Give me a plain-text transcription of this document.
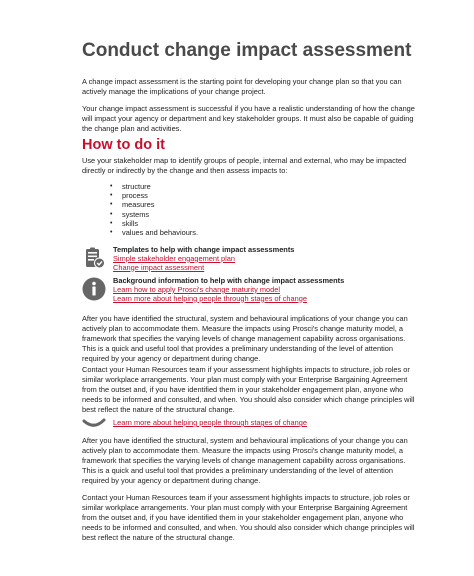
Conduct change impact assessment

A change impact assessment is the starting point for developing your change plan so that you can
actively manage the implications of your change project.

Your change impact assessment is successful if you have a realistic understanding of how the change
will impact your agency or department and key stakeholder groups. It must also be capable of guiding
the change plan and activities.

How to do it

Use your stakeholder map to identify groups of people, internal and external, who may be impacted
directly or indirectly by the change and then assess impacts to:

• structure
• process
• measures
• systems
• skills
• values and behaviours.
Templates to help with change impact assessments
Simple stakeholder engagement plan
Change impact assessment
Background information to help with change impact assessments
Learn how to apply Prosci's change maturity model
Learn more about helping people through stages of change

After you have identified the structural, system and behavioural implications of your change you can
actively plan to accommodate them. Measure the impacts using Prosci's change maturity model, a
framework that specifies the varying levels of change management capability across organisations.
This is a quick and useful tool that provides a preliminary understanding of the level of attention
required by your agency or department during change.

Contact your Human Resources team if your assessment highlights impacts to structure, job roles or
similar workplace arrangements. Your plan must comply with your Enterprise Bargaining Agreement
from the outset and, if you have identified them in your stakeholder engagement plan, anyone who
needs to be informed and consulted, and when. You should also consider which change principles will
best reflect the nature of the structural change.

Learn more about helping people through stages of change

After you have identified the structural, system and behavioural implications of your change you can
actively plan to accommodate them. Measure the impacts using Prosci's change maturity model, a
framework that specifies the varying levels of change management capability across organisations.
This is a quick and useful tool that provides a preliminary understanding of the level of attention
required by your agency or department during change.

Contact your Human Resources team if your assessment highlights impacts to structure, job roles or
similar workplace arrangements. Your plan must comply with your Enterprise Bargaining Agreement
from the outset and, if you have identified them in your stakeholder engagement plan, anyone who
needs to be informed and consulted, and when. You should also consider which change principles will
best reflect the nature of the structural change.
